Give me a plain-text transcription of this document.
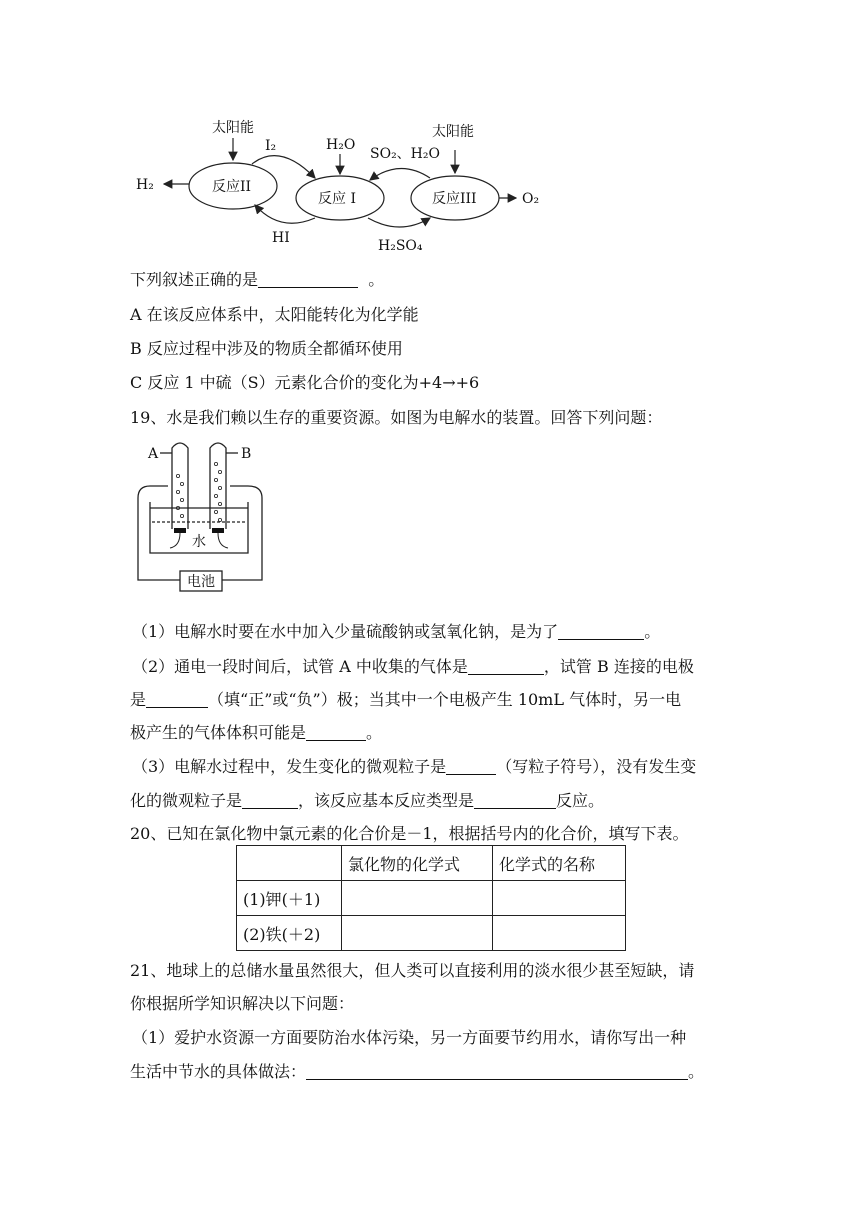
太阳能	太阳能
I₂	H₂O
SO₂、H₂O
H₂
O₂
反应II
反应 I	反应III
HI	H₂SO₄
下列叙述正确的是	。
A 在该反应体系中，太阳能转化为化学能
B 反应过程中涉及的物质全都循环使用
C 反应 1 中硫（S）元素化合价的变化为+4→+6
19、水是我们赖以生存的重要资源。如图为电解水的装置。回答下列问题：
A	B
水
电池
（1）电解水时要在水中加入少量硫酸钠或氢氧化钠，是为了	。
（2）通电一段时间后，试管 A 中收集的气体是	，试管 B 连接的电极
是	（填“正”或“负”）极；当其中一个电极产生 10mL 气体时，另一电
极产生的气体体积可能是	。
（3）电解水过程中，发生变化的微观粒子是	（写粒子符号），没有发生变
化的微观粒子是	，该反应基本反应类型是	反应。
20、已知在氯化物中氯元素的化合价是－1，根据括号内的化合价，填写下表。
	氯化物的化学式	化学式的名称
(1)钾(＋1)		
(2)铁(＋2)		
21、地球上的总储水量虽然很大，但人类可以直接利用的淡水很少甚至短缺，请
你根据所学知识解决以下问题：
（1）爱护水资源一方面要防治水体污染，另一方面要节约用水，请你写出一种
生活中节水的具体做法：	。
